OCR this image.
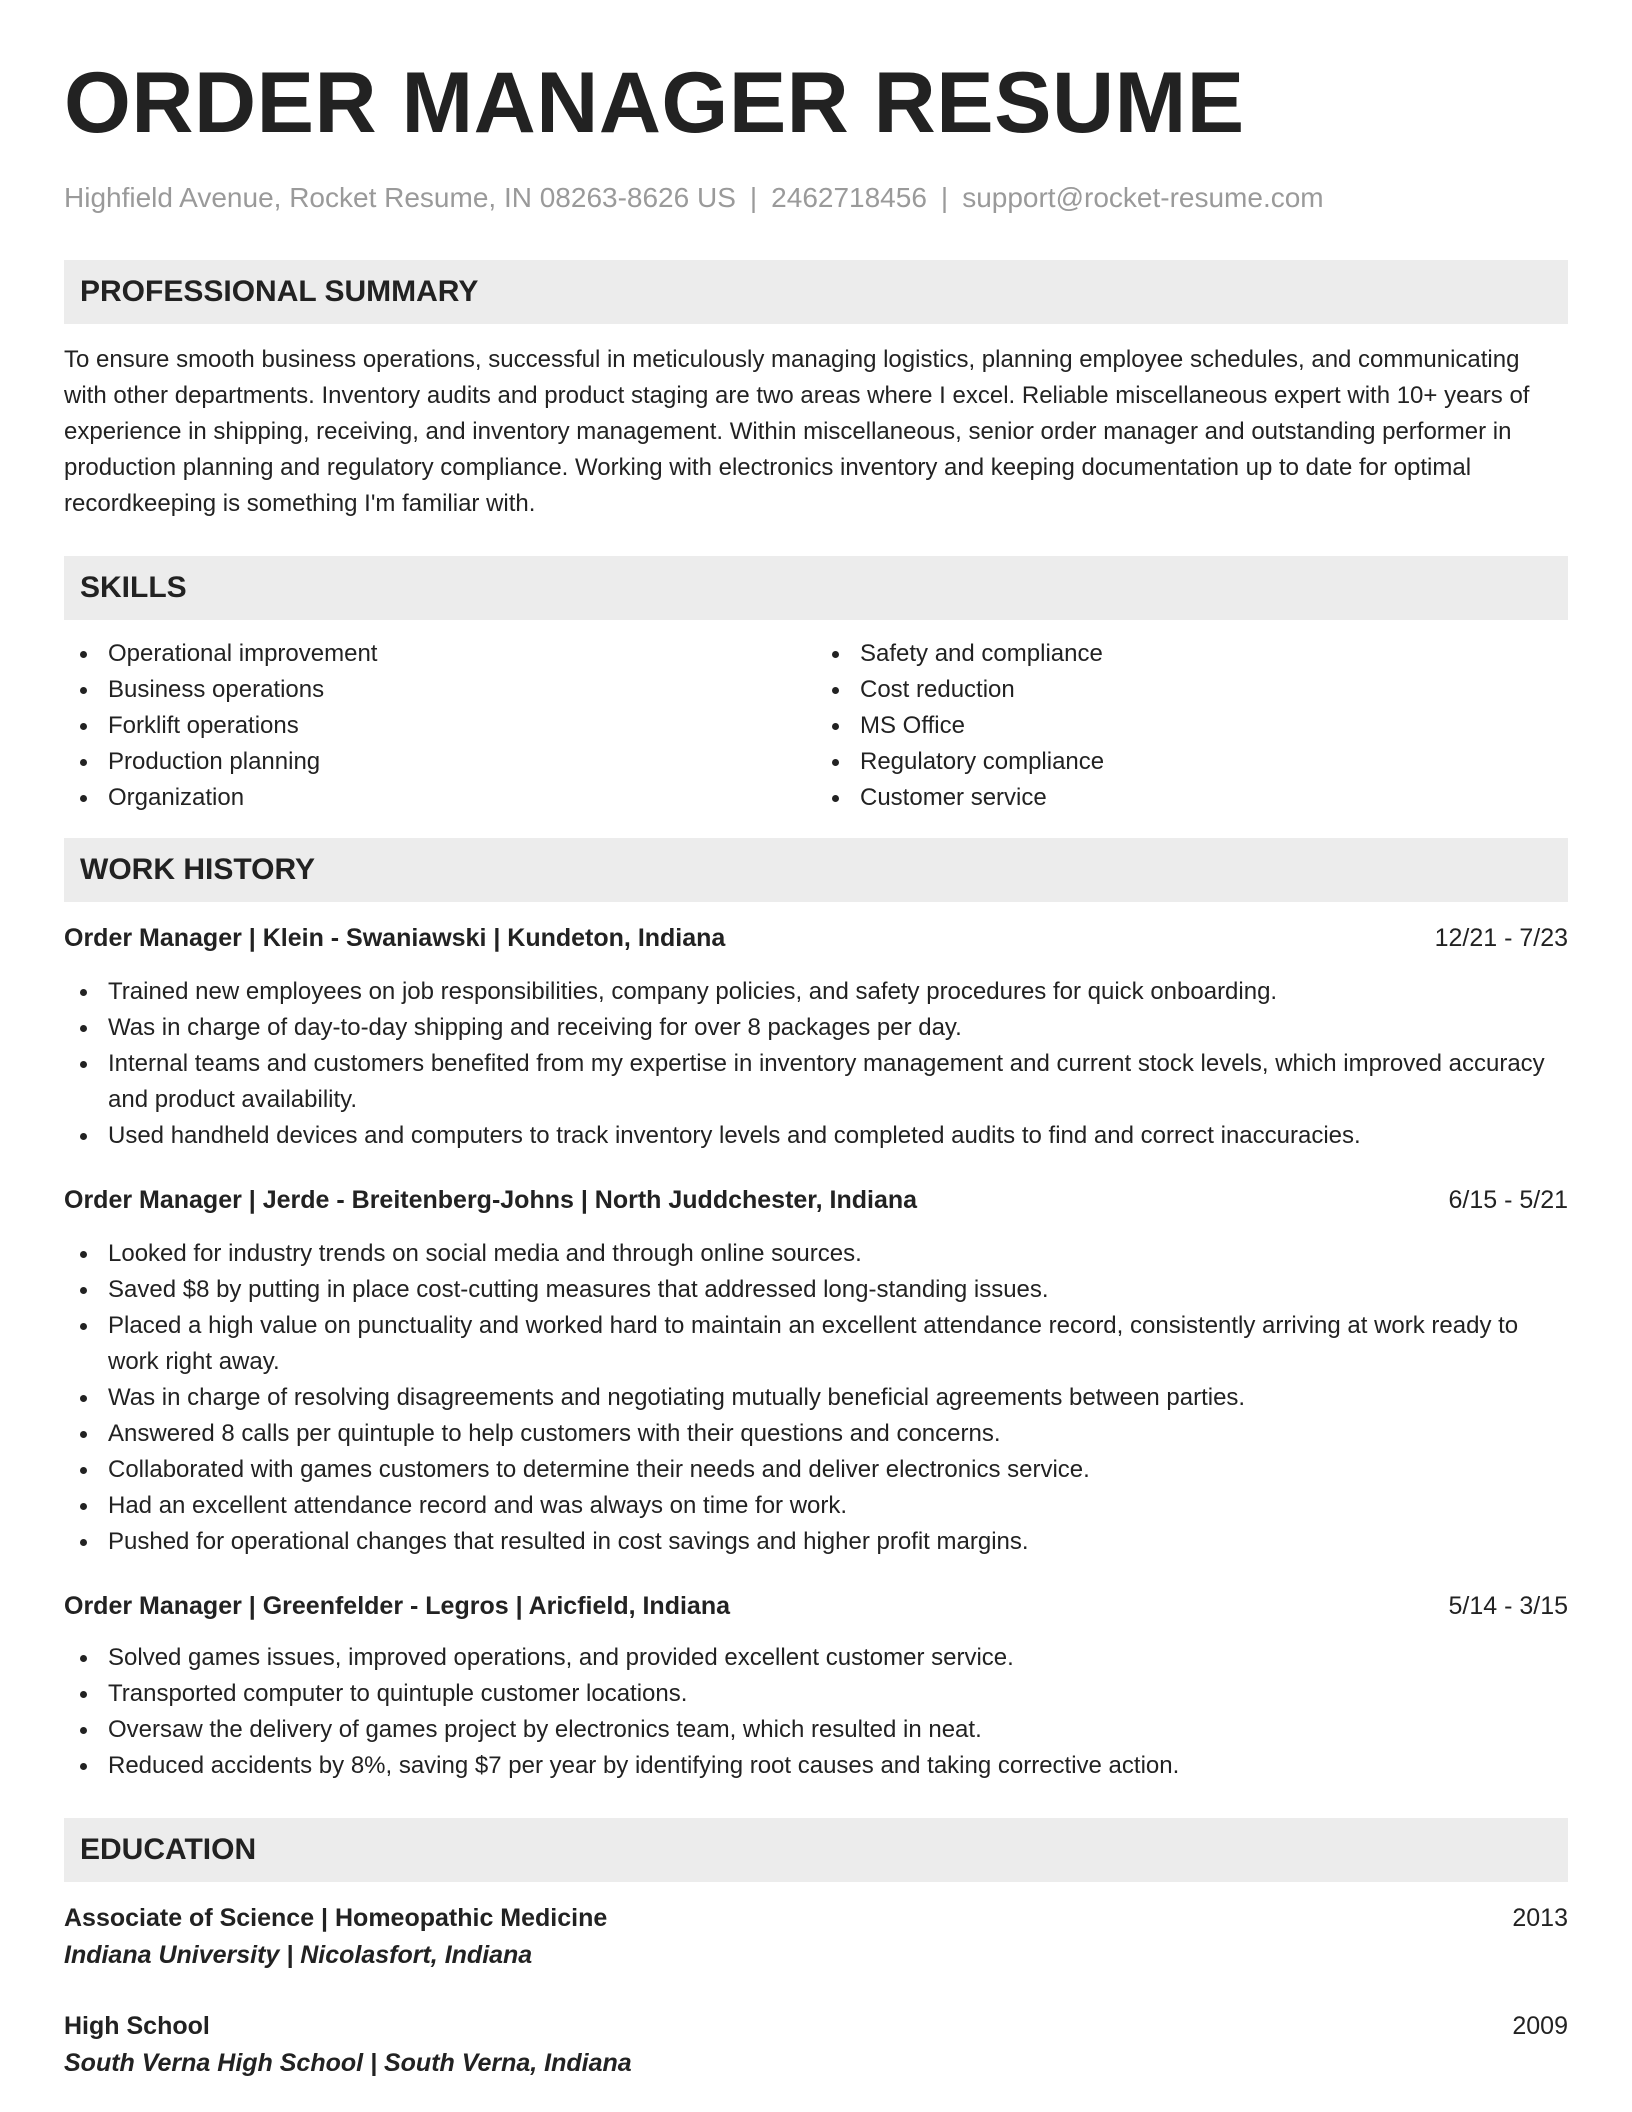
ORDER MANAGER RESUME
Highfield Avenue, Rocket Resume, IN 08263-8626 US | 2462718456 | support@rocket-resume.com
PROFESSIONAL SUMMARY

To ensure smooth business operations, successful in meticulously managing logistics, planning employee schedules, and communicating with other departments. Inventory audits and product staging are two areas where I excel. Reliable miscellaneous expert with 10+ years of experience in shipping, receiving, and inventory management. Within miscellaneous, senior order manager and outstanding performer in production planning and regulatory compliance. Working with electronics inventory and keeping documentation up to date for optimal recordkeeping is something I'm familiar with.

SKILLS
Operational improvement
Business operations
Forklift operations
Production planning
Organization
Safety and compliance
Cost reduction
MS Office
Regulatory compliance
Customer service
WORK HISTORY
Order Manager | Klein - Swaniawski | Kundeton, Indiana	12/21 - 7/23
Trained new employees on job responsibilities, company policies, and safety procedures for quick onboarding.
Was in charge of day-to-day shipping and receiving for over 8 packages per day.
Internal teams and customers benefited from my expertise in inventory management and current stock levels, which improved accuracy and product availability.
Used handheld devices and computers to track inventory levels and completed audits to find and correct inaccuracies.
Order Manager | Jerde - Breitenberg-Johns | North Juddchester, Indiana	6/15 - 5/21
Looked for industry trends on social media and through online sources.
Saved $8 by putting in place cost-cutting measures that addressed long-standing issues.
Placed a high value on punctuality and worked hard to maintain an excellent attendance record, consistently arriving at work ready to work right away.
Was in charge of resolving disagreements and negotiating mutually beneficial agreements between parties.
Answered 8 calls per quintuple to help customers with their questions and concerns.
Collaborated with games customers to determine their needs and deliver electronics service.
Had an excellent attendance record and was always on time for work.
Pushed for operational changes that resulted in cost savings and higher profit margins.
Order Manager | Greenfelder - Legros | Aricfield, Indiana	5/14 - 3/15
Solved games issues, improved operations, and provided excellent customer service.
Transported computer to quintuple customer locations.
Oversaw the delivery of games project by electronics team, which resulted in neat.
Reduced accidents by 8%, saving $7 per year by identifying root causes and taking corrective action.
EDUCATION
Associate of Science | Homeopathic Medicine	2013
Indiana University | Nicolasfort, Indiana
High School	2009
South Verna High School | South Verna, Indiana
